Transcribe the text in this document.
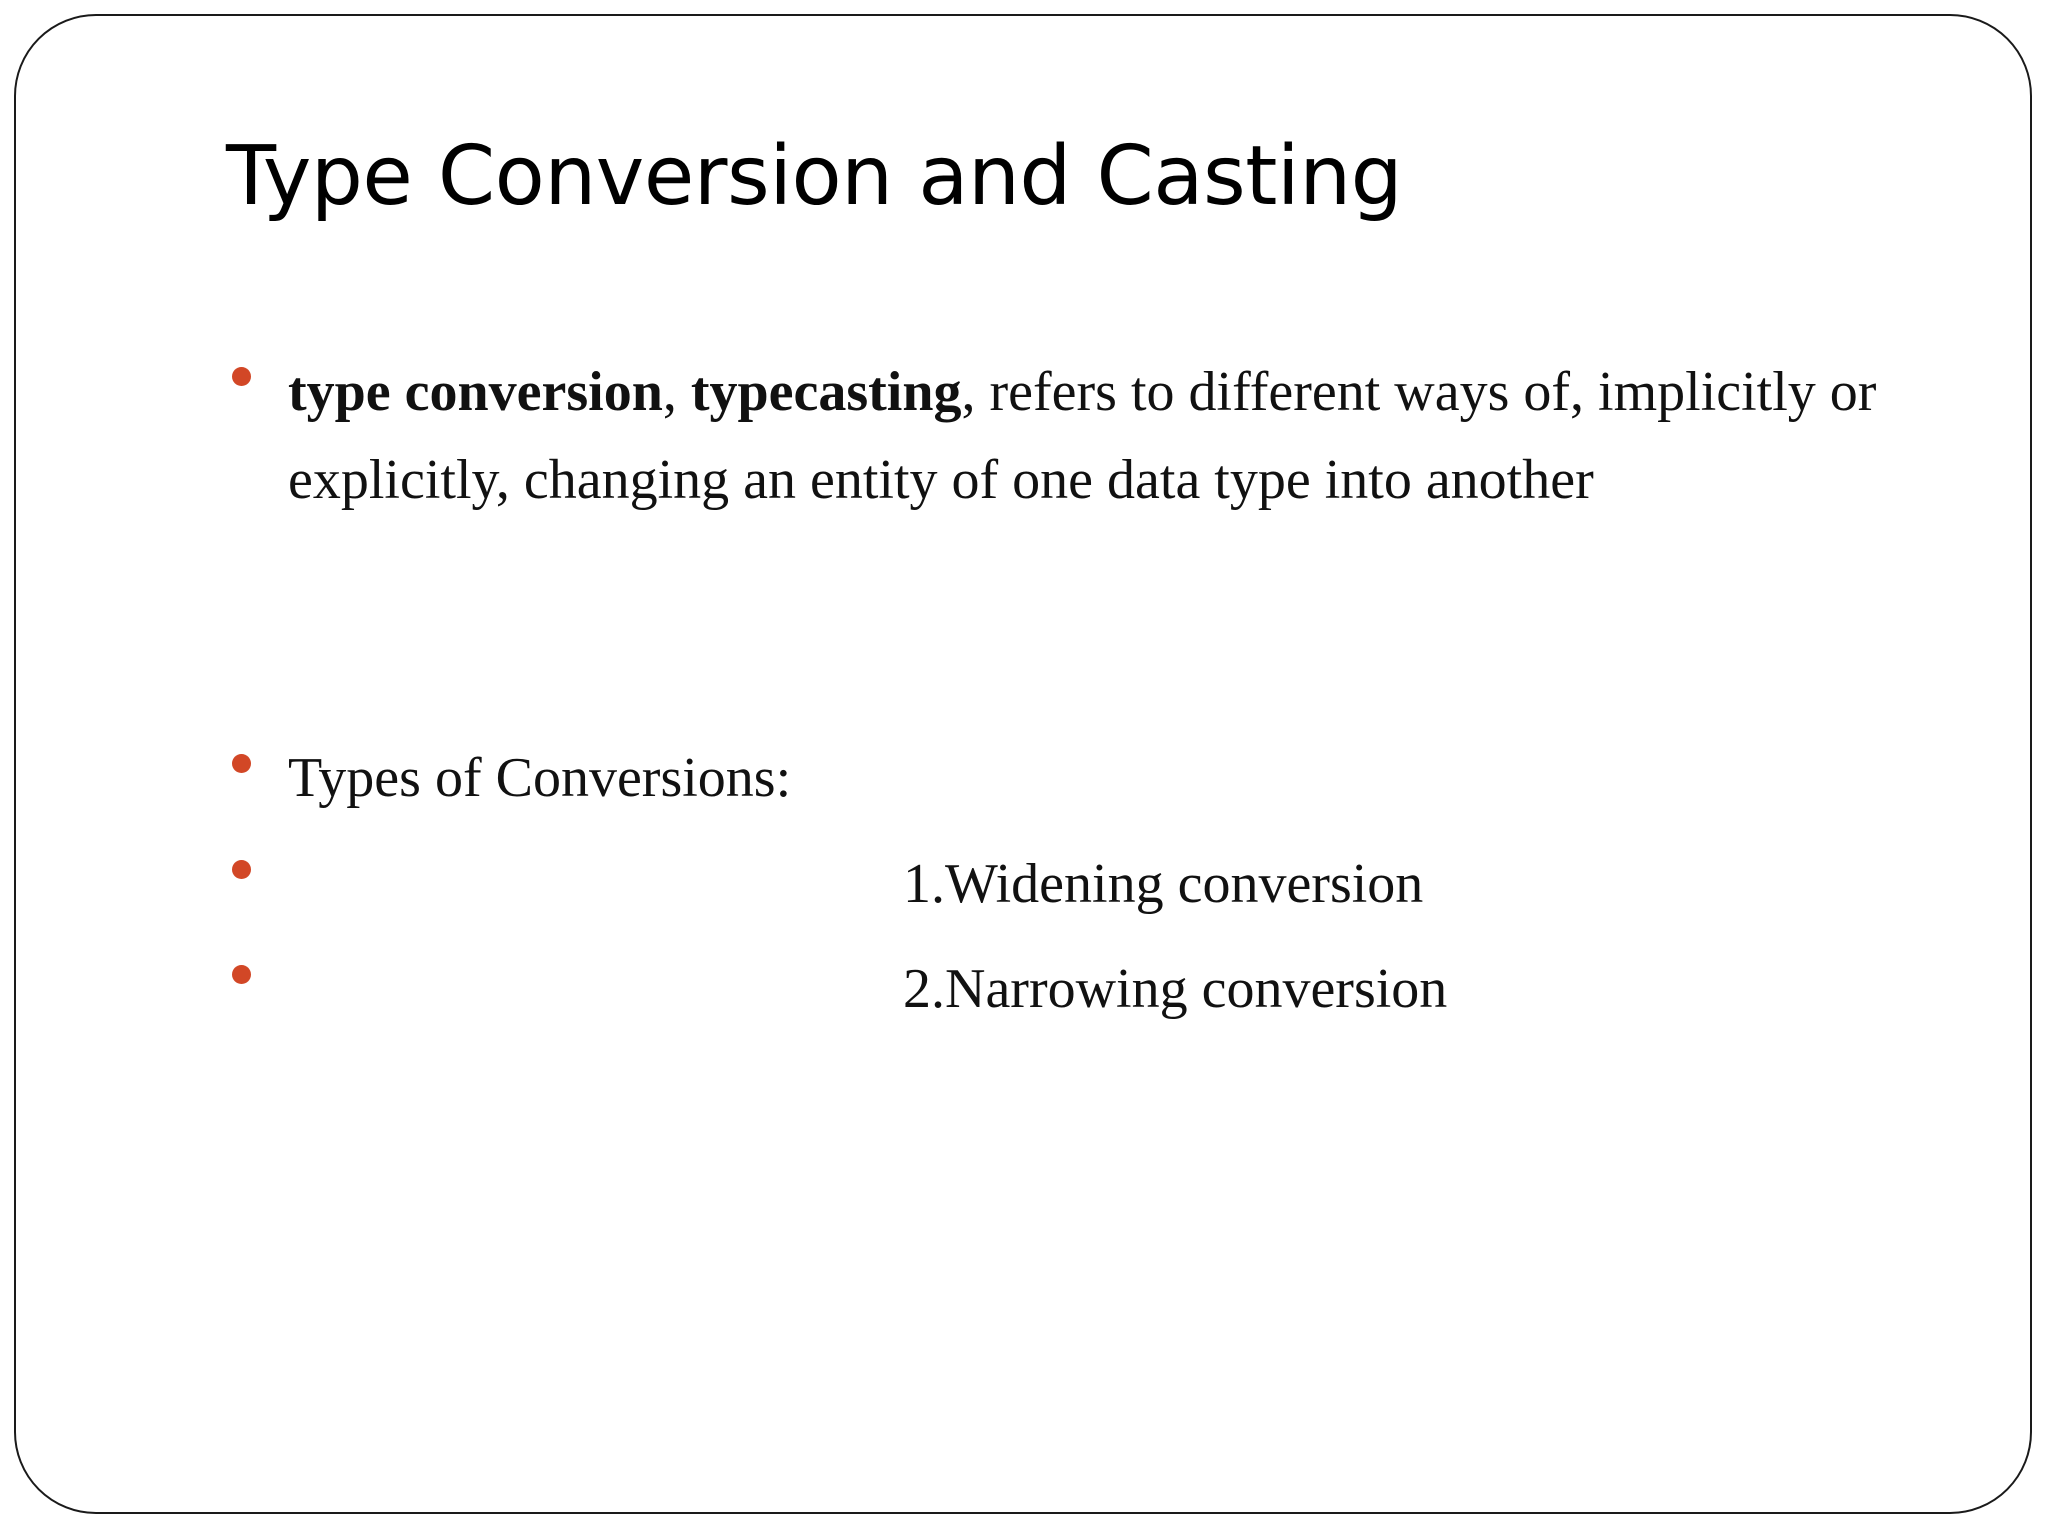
Type Conversion and Casting

type conversion, typecasting, refers to different ways of, implicitly or explicitly, changing an entity of one data type into another

Types of Conversions:

1.Widening conversion
2.Narrowing conversion
